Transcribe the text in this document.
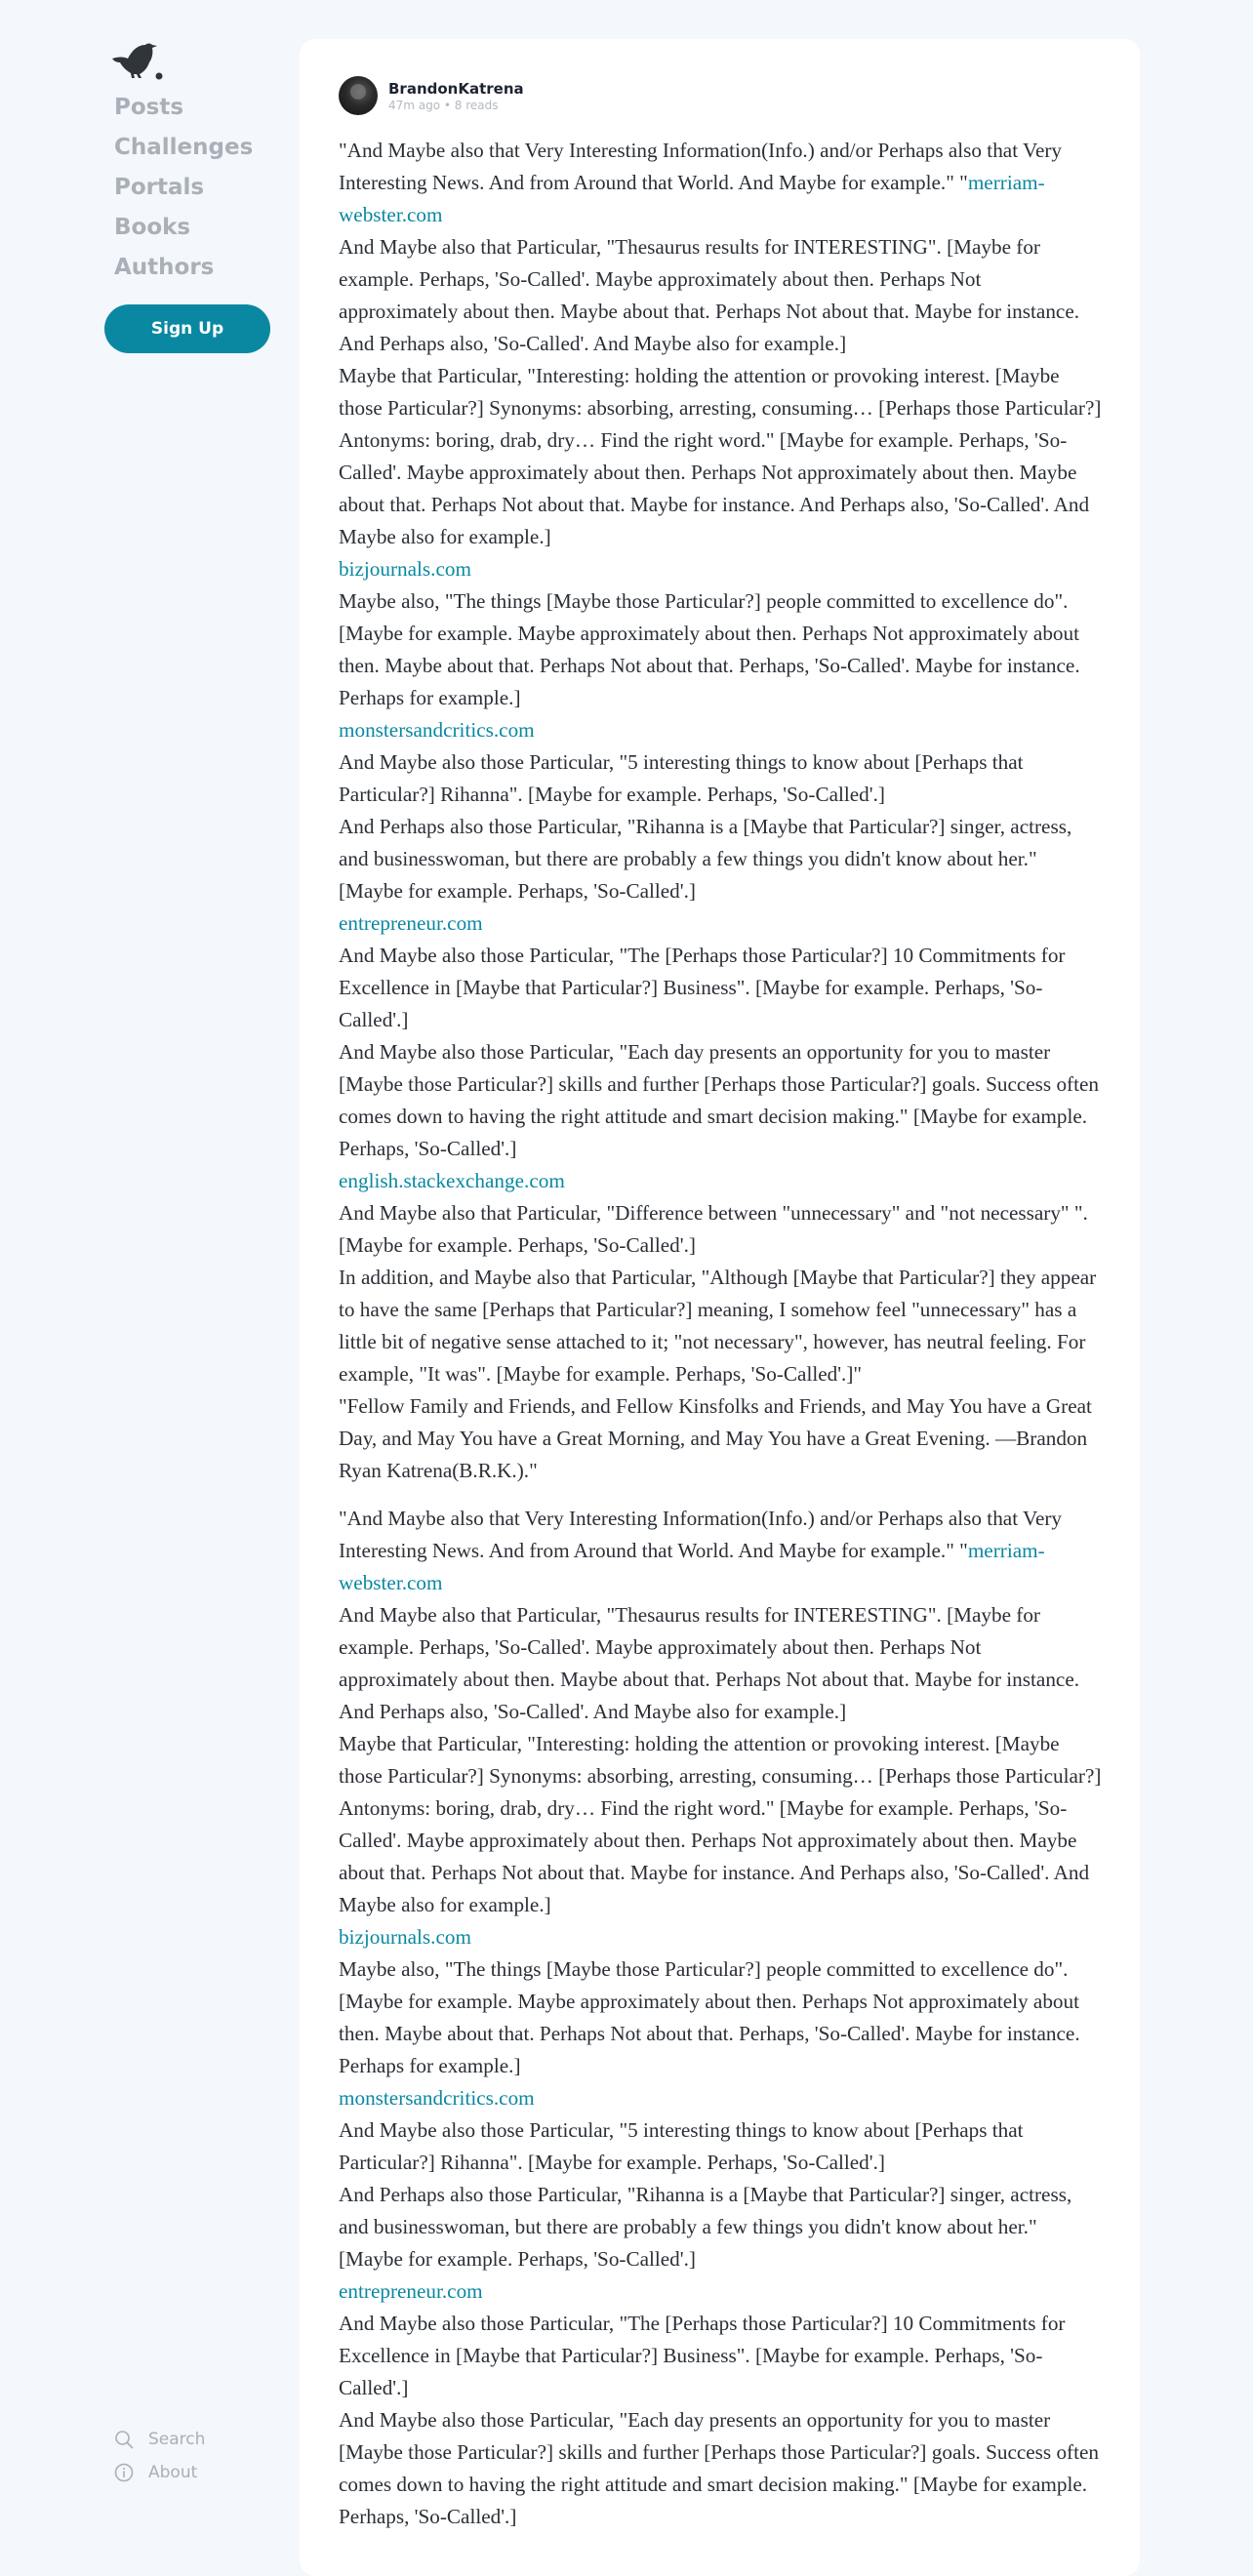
Posts
Challenges
Portals
Books
Authors
Sign Up
Search
About
BrandonKatrena
47m ago • 8 reads

"And Maybe also that Very Interesting Information(Info.) and/or Perhaps also that Very Interesting News. And from Around that World. And Maybe for example." "merriam-webster.com

And Maybe also that Particular, "Thesaurus results for INTERESTING". [Maybe for example. Perhaps, 'So-Called'. Maybe approximately about then. Perhaps Not approximately about then. Maybe about that. Perhaps Not about that. Maybe for instance. And Perhaps also, 'So-Called'. And Maybe also for example.]

Maybe that Particular, "Interesting: holding the attention or provoking interest. [Maybe those Particular?] Synonyms: absorbing, arresting, consuming… [Perhaps those Particular?] Antonyms: boring, drab, dry… Find the right word." [Maybe for example. Perhaps, 'So-Called'. Maybe approximately about then. Perhaps Not approximately about then. Maybe about that. Perhaps Not about that. Maybe for instance. And Perhaps also, 'So-Called'. And Maybe also for example.]

bizjournals.com

Maybe also, "The things [Maybe those Particular?] people committed to excellence do". [Maybe for example. Maybe approximately about then. Perhaps Not approximately about then. Maybe about that. Perhaps Not about that. Perhaps, 'So-Called'. Maybe for instance. Perhaps for example.]

monstersandcritics.com

And Maybe also those Particular, "5 interesting things to know about [Perhaps that Particular?] Rihanna". [Maybe for example. Perhaps, 'So-Called'.]

And Perhaps also those Particular, "Rihanna is a [Maybe that Particular?] singer, actress, and businesswoman, but there are probably a few things you didn't know about her." [Maybe for example. Perhaps, 'So-Called'.]

entrepreneur.com

And Maybe also those Particular, "The [Perhaps those Particular?] 10 Commitments for Excellence in [Maybe that Particular?] Business". [Maybe for example. Perhaps, 'So-Called'.]

And Maybe also those Particular, "Each day presents an opportunity for you to master [Maybe those Particular?] skills and further [Perhaps those Particular?] goals. Success often comes down to having the right attitude and smart decision making." [Maybe for example. Perhaps, 'So-Called'.]

english.stackexchange.com

And Maybe also that Particular, "Difference between "unnecessary" and "not necessary" ". [Maybe for example. Perhaps, 'So-Called'.]

In addition, and Maybe also that Particular, "Although [Maybe that Particular?] they appear to have the same [Perhaps that Particular?] meaning, I somehow feel "unnecessary" has a little bit of negative sense attached to it; "not necessary", however, has neutral feeling. For example, "It was". [Maybe for example. Perhaps, 'So-Called'.]"

"Fellow Family and Friends, and Fellow Kinsfolks and Friends, and May You have a Great Day, and May You have a Great Morning, and May You have a Great Evening. —Brandon Ryan Katrena(B.R.K.)."

"And Maybe also that Very Interesting Information(Info.) and/or Perhaps also that Very Interesting News. And from Around that World. And Maybe for example." "merriam-webster.com

And Maybe also that Particular, "Thesaurus results for INTERESTING". [Maybe for example. Perhaps, 'So-Called'. Maybe approximately about then. Perhaps Not approximately about then. Maybe about that. Perhaps Not about that. Maybe for instance. And Perhaps also, 'So-Called'. And Maybe also for example.]

Maybe that Particular, "Interesting: holding the attention or provoking interest. [Maybe those Particular?] Synonyms: absorbing, arresting, consuming… [Perhaps those Particular?] Antonyms: boring, drab, dry… Find the right word." [Maybe for example. Perhaps, 'So-Called'. Maybe approximately about then. Perhaps Not approximately about then. Maybe about that. Perhaps Not about that. Maybe for instance. And Perhaps also, 'So-Called'. And Maybe also for example.]

bizjournals.com

Maybe also, "The things [Maybe those Particular?] people committed to excellence do". [Maybe for example. Maybe approximately about then. Perhaps Not approximately about then. Maybe about that. Perhaps Not about that. Perhaps, 'So-Called'. Maybe for instance. Perhaps for example.]

monstersandcritics.com

And Maybe also those Particular, "5 interesting things to know about [Perhaps that Particular?] Rihanna". [Maybe for example. Perhaps, 'So-Called'.]

And Perhaps also those Particular, "Rihanna is a [Maybe that Particular?] singer, actress, and businesswoman, but there are probably a few things you didn't know about her." [Maybe for example. Perhaps, 'So-Called'.]

entrepreneur.com

And Maybe also those Particular, "The [Perhaps those Particular?] 10 Commitments for Excellence in [Maybe that Particular?] Business". [Maybe for example. Perhaps, 'So-Called'.]

And Maybe also those Particular, "Each day presents an opportunity for you to master [Maybe those Particular?] skills and further [Perhaps those Particular?] goals. Success often comes down to having the right attitude and smart decision making." [Maybe for example. Perhaps, 'So-Called'.]
